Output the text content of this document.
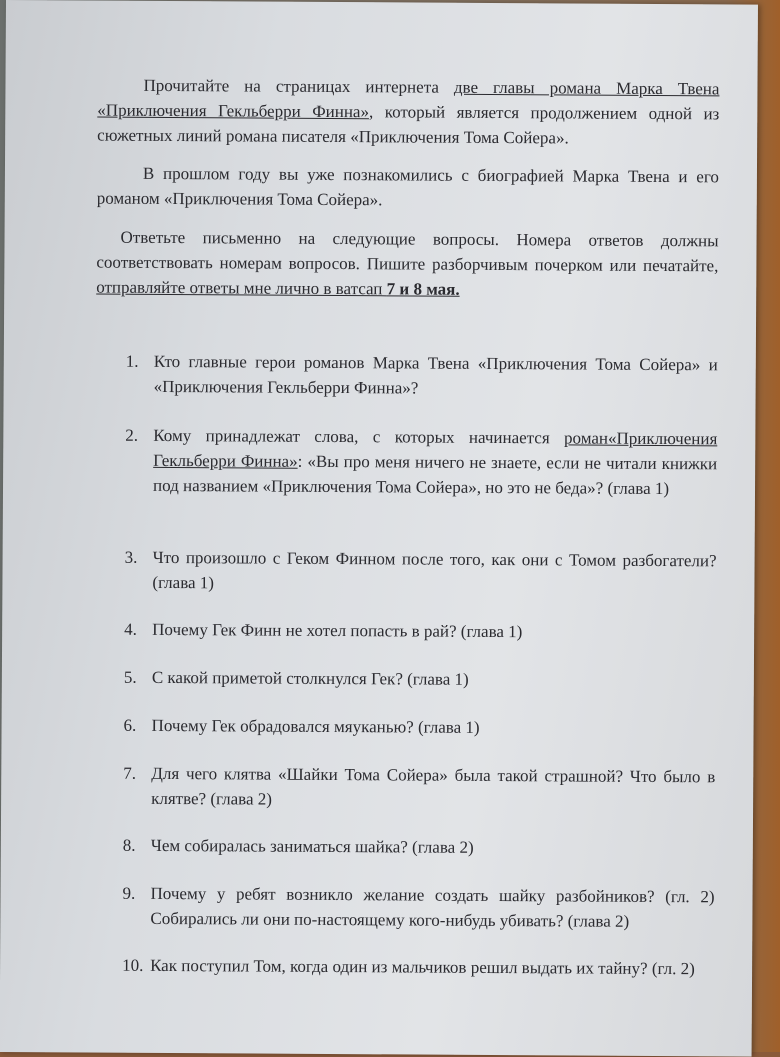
Прочитайте на страницах интернета две главы романа Марка Твена «Приключения Гекльберри Финна», который является продолжением одной из сюжетных линий романа писателя «Приключения Тома Сойера».

В прошлом году вы уже познакомились с биографией Марка Твена и его романом «Приключения Тома Сойера».

Ответьте письменно на следующие вопросы. Номера ответов должны соответствовать номерам вопросов. Пишите разборчивым почерком или печатайте, отправляйте ответы мне лично в ватсап 7 и 8 мая.

1. Кто главные герои романов Марка Твена «Приключения Тома Сойера» и «Приключения Гекльберри Финна»?
2. Кому принадлежат слова, с которых начинается роман«Приключения Гекльберри Финна»: «Вы про меня ничего не знаете, если не читали книжки под названием «Приключения Тома Сойера», но это не беда»? (глава 1)
3. Что произошло с Геком Финном после того, как они с Томом разбогатели? (глава 1)
4. Почему Гек Финн не хотел попасть в рай? (глава 1)
5. С какой приметой столкнулся Гек? (глава 1)
6. Почему Гек обрадовался мяуканью? (глава 1)
7. Для чего клятва «Шайки Тома Сойера» была такой страшной? Что было в клятве? (глава 2)
8. Чем собиралась заниматься шайка? (глава 2)
9. Почему у ребят возникло желание создать шайку разбойников? (гл. 2) Собирались ли они по-настоящему кого-нибудь убивать? (глава 2)
10. Как поступил Том, когда один из мальчиков решил выдать их тайну? (гл. 2)
